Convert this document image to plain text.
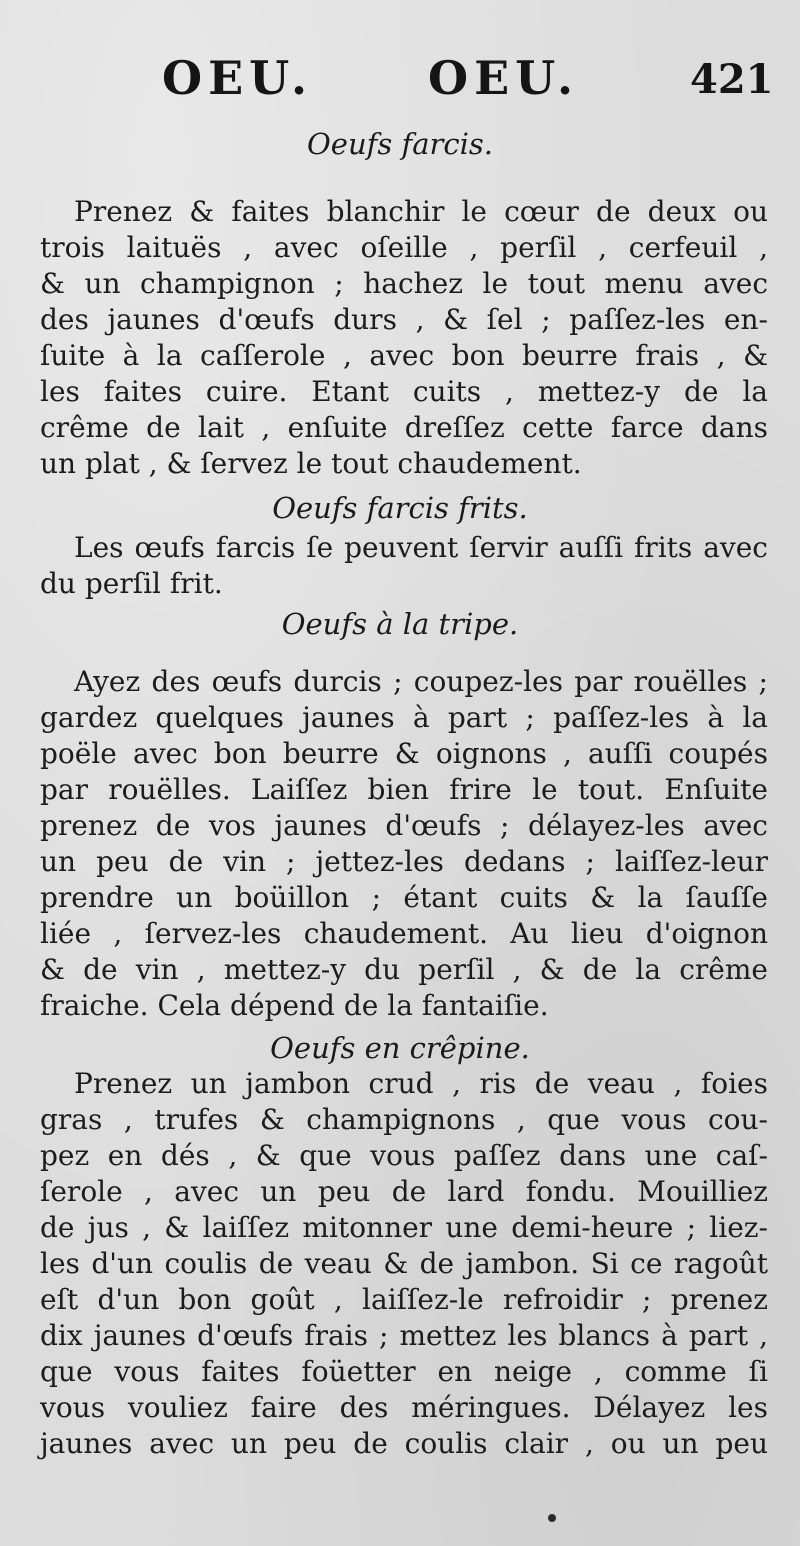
OEU. OEU.	421
Oeufs farcis.
Prenez & faites blanchir le cœur de deux ou
trois laituës , avec oſeille , perſil , cerfeuil ,
& un champignon ; hachez le tout menu avec
des jaunes d'œufs durs , & ſel ; paſſez-les en-
ſuite à la caſſerole , avec bon beurre frais , &
les faites cuire. Etant cuits , mettez-y de la
crême de lait , enſuite dreſſez cette farce dans
un plat , & ſervez le tout chaudement.
Oeufs farcis frits.
Les œufs farcis ſe peuvent ſervir auſſi frits avec
du perſil frit.
Oeufs à la tripe.
Ayez des œufs durcis ; coupez-les par rouëlles ;
gardez quelques jaunes à part ; paſſez-les à la
poële avec bon beurre & oignons , auſſi coupés
par rouëlles. Laiſſez bien frire le tout. Enſuite
prenez de vos jaunes d'œufs ; délayez-les avec
un peu de vin ; jettez-les dedans ; laiſſez-leur
prendre un boüillon ; étant cuits & la ſauſſe
liée , ſervez-les chaudement. Au lieu d'oignon
& de vin , mettez-y du perſil , & de la crême
fraiche. Cela dépend de la fantaiſie.
Oeufs en crêpine.
Prenez un jambon crud , ris de veau , foies
gras , trufes & champignons , que vous cou-
pez en dés , & que vous paſſez dans une caſ-
ſerole , avec un peu de lard fondu. Mouilliez
de jus , & laiſſez mitonner une demi-heure ; liez-
les d'un coulis de veau & de jambon. Si ce ragoût
eſt d'un bon goût , laiſſez-le refroidir ; prenez
dix jaunes d'œufs frais ; mettez les blancs à part ,
que vous faites foüetter en neige , comme ſi
vous vouliez faire des méringues. Délayez les
jaunes avec un peu de coulis clair , ou un peu
